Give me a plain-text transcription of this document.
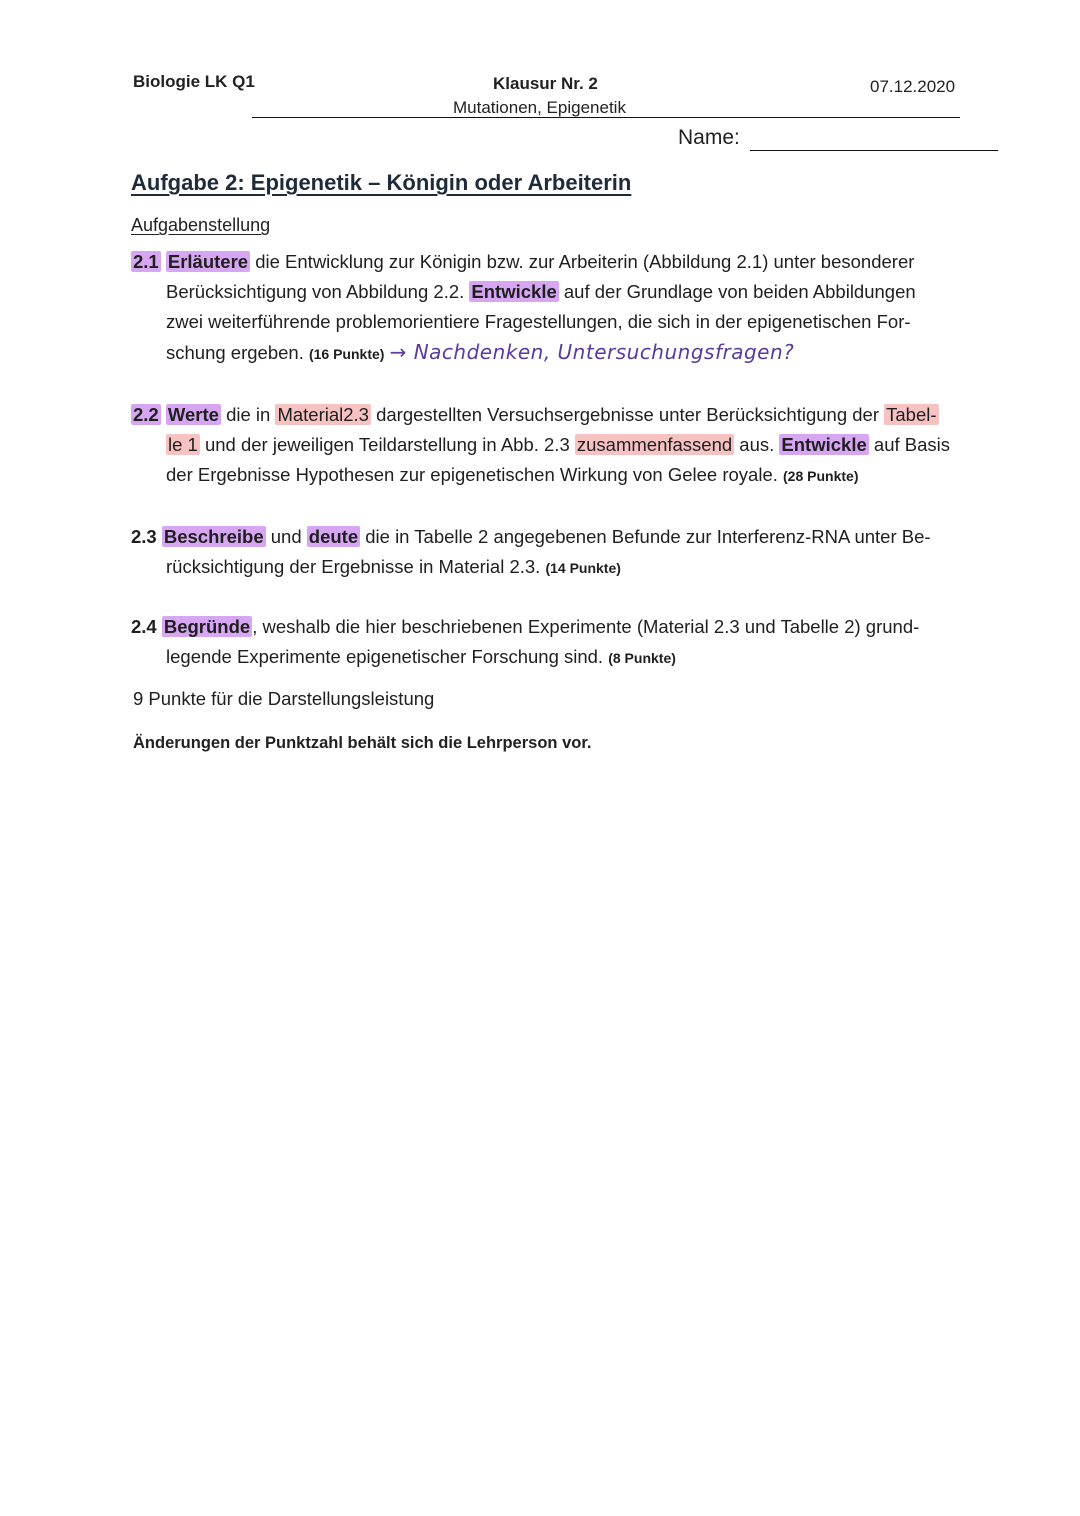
Biologie LK Q1	Klausur Nr. 2
Mutationen, Epigenetik
07.12.2020
Name:
Aufgabe 2: Epigenetik – Königin oder Arbeiterin
Aufgabenstellung
2.1 Erläutere die Entwicklung zur Königin bzw. zur Arbeiterin (Abbildung 2.1) unter besonderer
Berücksichtigung von Abbildung 2.2. Entwickle auf der Grundlage von beiden Abbildungen
zwei weiterführende problemorientiere Fragestellungen, die sich in der epigenetischen For-
schung ergeben. (16 Punkte) → Nachdenken, Untersuchungsfragen?
2.2 Werte die in Material2.3 dargestellten Versuchsergebnisse unter Berücksichtigung der Tabel-
le 1 und der jeweiligen Teildarstellung in Abb. 2.3 zusammenfassend aus. Entwickle auf Basis
der Ergebnisse Hypothesen zur epigenetischen Wirkung von Gelee royale. (28 Punkte)
2.3 Beschreibe und deute die in Tabelle 2 angegebenen Befunde zur Interferenz-RNA unter Be-
rücksichtigung der Ergebnisse in Material 2.3. (14 Punkte)
2.4 Begründe , weshalb die hier beschriebenen Experimente (Material 2.3 und Tabelle 2) grund-
legende Experimente epigenetischer Forschung sind. (8 Punkte)
9 Punkte für die Darstellungsleistung
Änderungen der Punktzahl behält sich die Lehrperson vor.
